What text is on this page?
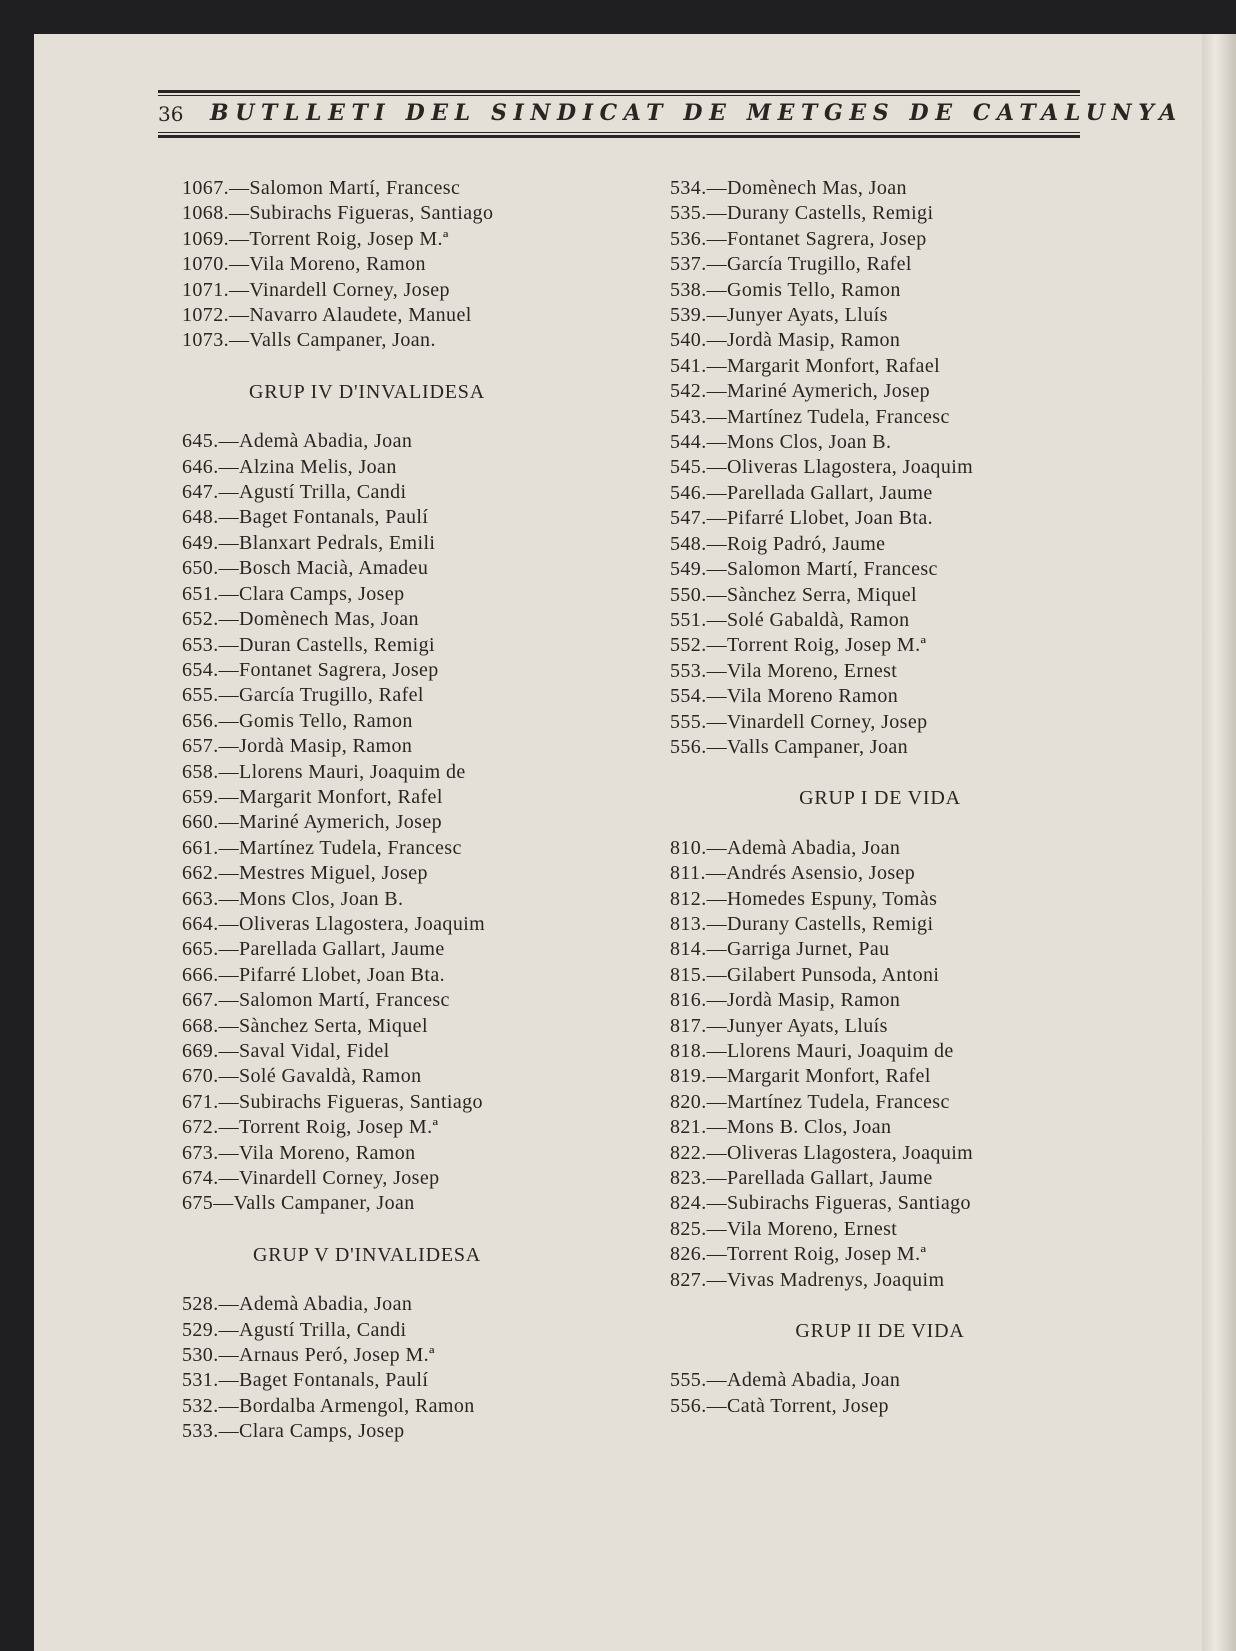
36 BUTLLETI DEL SINDICAT DE METGES DE CATALUNYA
1067.—Salomon Martí, Francesc
1068.—Subirachs Figueras, Santiago
1069.—Torrent Roig, Josep M.ª
1070.—Vila Moreno, Ramon
1071.—Vinardell Corney, Josep
1072.—Navarro Alaudete, Manuel
1073.—Valls Campaner, Joan.
GRUP IV D'INVALIDESA
645.—Ademà Abadia, Joan
646.—Alzina Melis, Joan
647.—Agustí Trilla, Candi
648.—Baget Fontanals, Paulí
649.—Blanxart Pedrals, Emili
650.—Bosch Macià, Amadeu
651.—Clara Camps, Josep
652.—Domènech Mas, Joan
653.—Duran Castells, Remigi
654.—Fontanet Sagrera, Josep
655.—García Trugillo, Rafel
656.—Gomis Tello, Ramon
657.—Jordà Masip, Ramon
658.—Llorens Mauri, Joaquim de
659.—Margarit Monfort, Rafel
660.—Mariné Aymerich, Josep
661.—Martínez Tudela, Francesc
662.—Mestres Miguel, Josep
663.—Mons Clos, Joan B.
664.—Oliveras Llagostera, Joaquim
665.—Parellada Gallart, Jaume
666.—Pifarré Llobet, Joan Bta.
667.—Salomon Martí, Francesc
668.—Sànchez Serta, Miquel
669.—Saval Vidal, Fidel
670.—Solé Gavaldà, Ramon
671.—Subirachs Figueras, Santiago
672.—Torrent Roig, Josep M.ª
673.—Vila Moreno, Ramon
674.—Vinardell Corney, Josep
675—Valls Campaner, Joan
GRUP V D'INVALIDESA
528.—Ademà Abadia, Joan
529.—Agustí Trilla, Candi
530.—Arnaus Peró, Josep M.ª
531.—Baget Fontanals, Paulí
532.—Bordalba Armengol, Ramon
533.—Clara Camps, Josep
534.—Domènech Mas, Joan
535.—Durany Castells, Remigi
536.—Fontanet Sagrera, Josep
537.—García Trugillo, Rafel
538.—Gomis Tello, Ramon
539.—Junyer Ayats, Lluís
540.—Jordà Masip, Ramon
541.—Margarit Monfort, Rafael
542.—Mariné Aymerich, Josep
543.—Martínez Tudela, Francesc
544.—Mons Clos, Joan B.
545.—Oliveras Llagostera, Joaquim
546.—Parellada Gallart, Jaume
547.—Pifarré Llobet, Joan Bta.
548.—Roig Padró, Jaume
549.—Salomon Martí, Francesc
550.—Sànchez Serra, Miquel
551.—Solé Gabaldà, Ramon
552.—Torrent Roig, Josep M.ª
553.—Vila Moreno, Ernest
554.—Vila Moreno Ramon
555.—Vinardell Corney, Josep
556.—Valls Campaner, Joan
GRUP I DE VIDA
810.—Ademà Abadia, Joan
811.—Andrés Asensio, Josep
812.—Homedes Espuny, Tomàs
813.—Durany Castells, Remigi
814.—Garriga Jurnet, Pau
815.—Gilabert Punsoda, Antoni
816.—Jordà Masip, Ramon
817.—Junyer Ayats, Lluís
818.—Llorens Mauri, Joaquim de
819.—Margarit Monfort, Rafel
820.—Martínez Tudela, Francesc
821.—Mons B. Clos, Joan
822.—Oliveras Llagostera, Joaquim
823.—Parellada Gallart, Jaume
824.—Subirachs Figueras, Santiago
825.—Vila Moreno, Ernest
826.—Torrent Roig, Josep M.ª
827.—Vivas Madrenys, Joaquim
GRUP II DE VIDA
555.—Ademà Abadia, Joan
556.—Catà Torrent, Josep
